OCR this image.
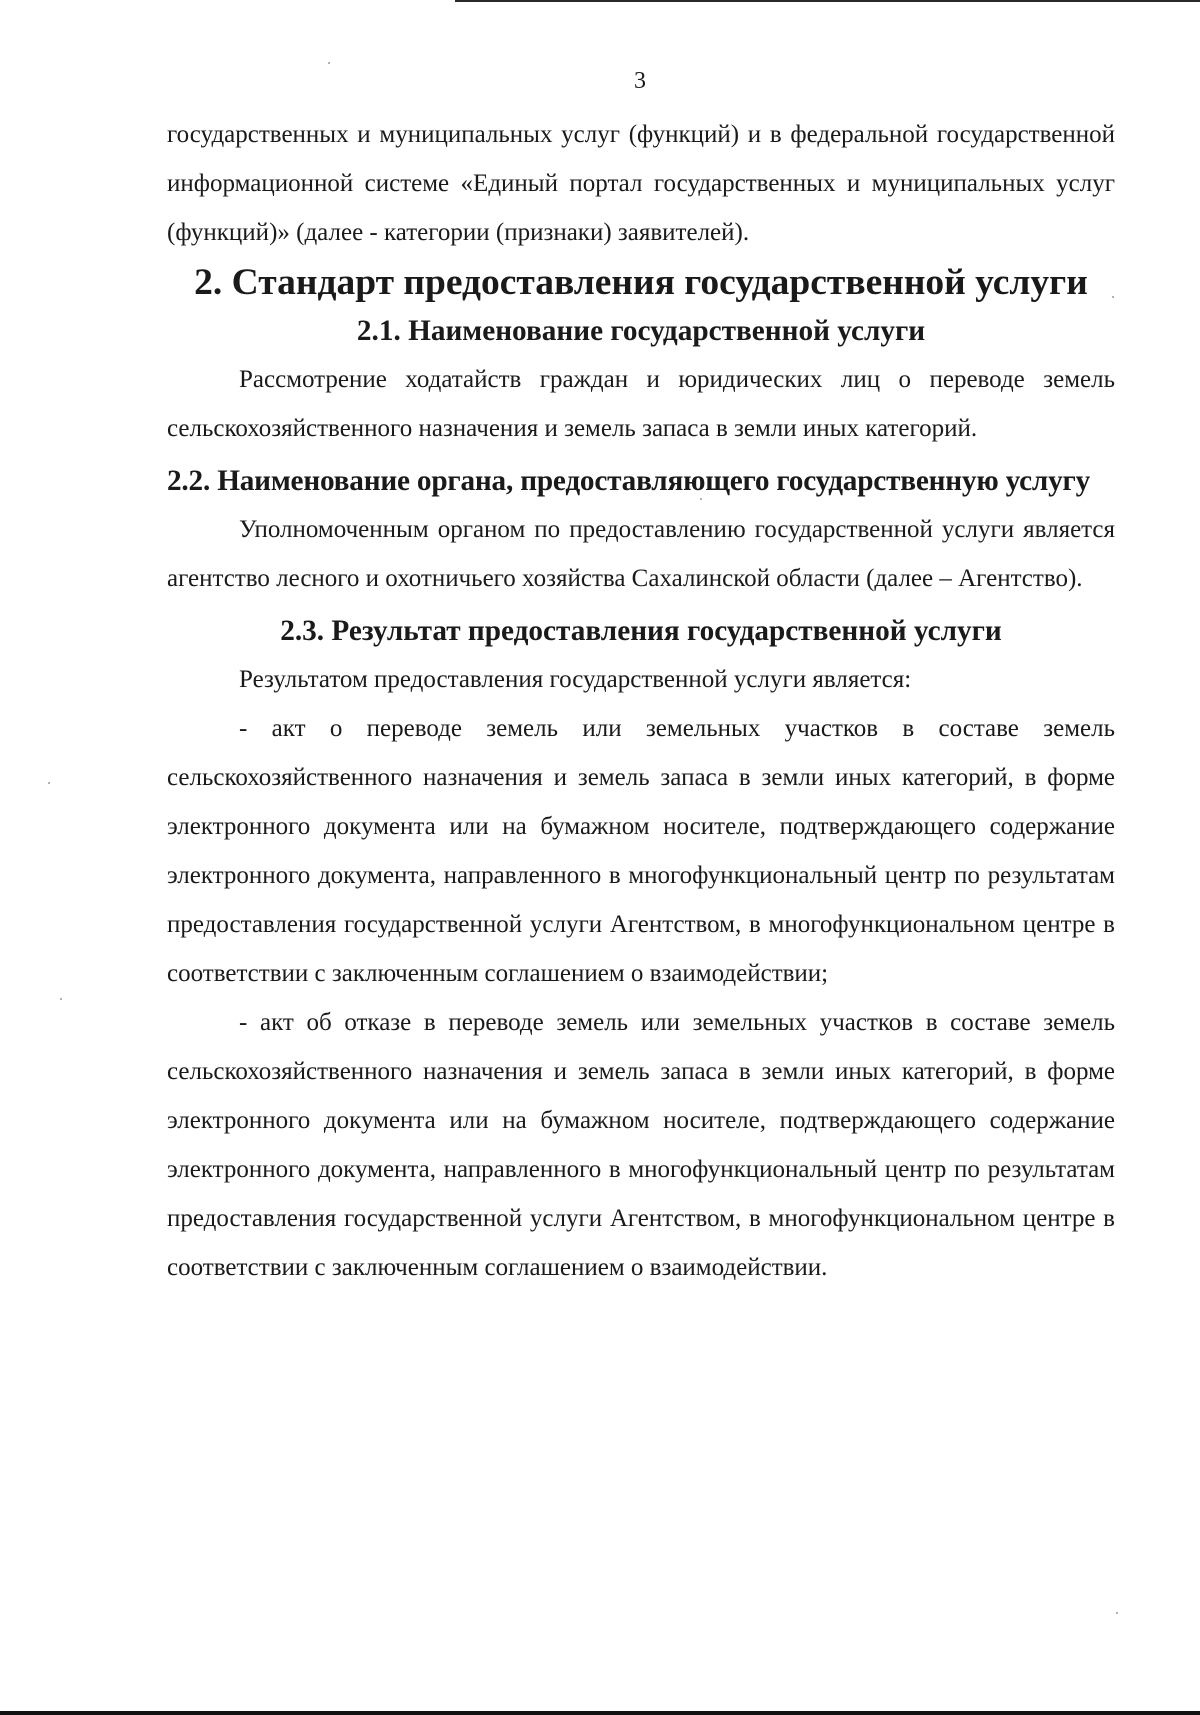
3

государственных и муниципальных услуг (функций) и в федеральной государственной информационной системе «Единый портал государственных и муниципальных услуг (функций)» (далее - категории (признаки) заявителей).

2. Стандарт предоставления государственной услуги
2.1. Наименование государственной услуги

Рассмотрение ходатайств граждан и юридических лиц о переводе земель сельскохозяйственного назначения и земель запаса в земли иных категорий.

2.2. Наименование органа, предоставляющего государственную услугу

Уполномоченным органом по предоставлению государственной услуги является агентство лесного и охотничьего хозяйства Сахалинской области (далее – Агентство).

2.3. Результат предоставления государственной услуги

Результатом предоставления государственной услуги является:

- акт о переводе земель или земельных участков в составе земель сельскохозяйственного назначения и земель запаса в земли иных категорий, в форме электронного документа или на бумажном носителе, подтверждающего содержание электронного документа, направленного в многофункциональный центр по результатам предоставления государственной услуги Агентством, в многофункциональном центре в соответствии с заключенным соглашением о взаимодействии;

- акт об отказе в переводе земель или земельных участков в составе земель сельскохозяйственного назначения и земель запаса в земли иных категорий, в форме электронного документа или на бумажном носителе, подтверждающего содержание электронного документа, направленного в многофункциональный центр по результатам предоставления государственной услуги Агентством, в многофункциональном центре в соответствии с заключенным соглашением о взаимодействии.
